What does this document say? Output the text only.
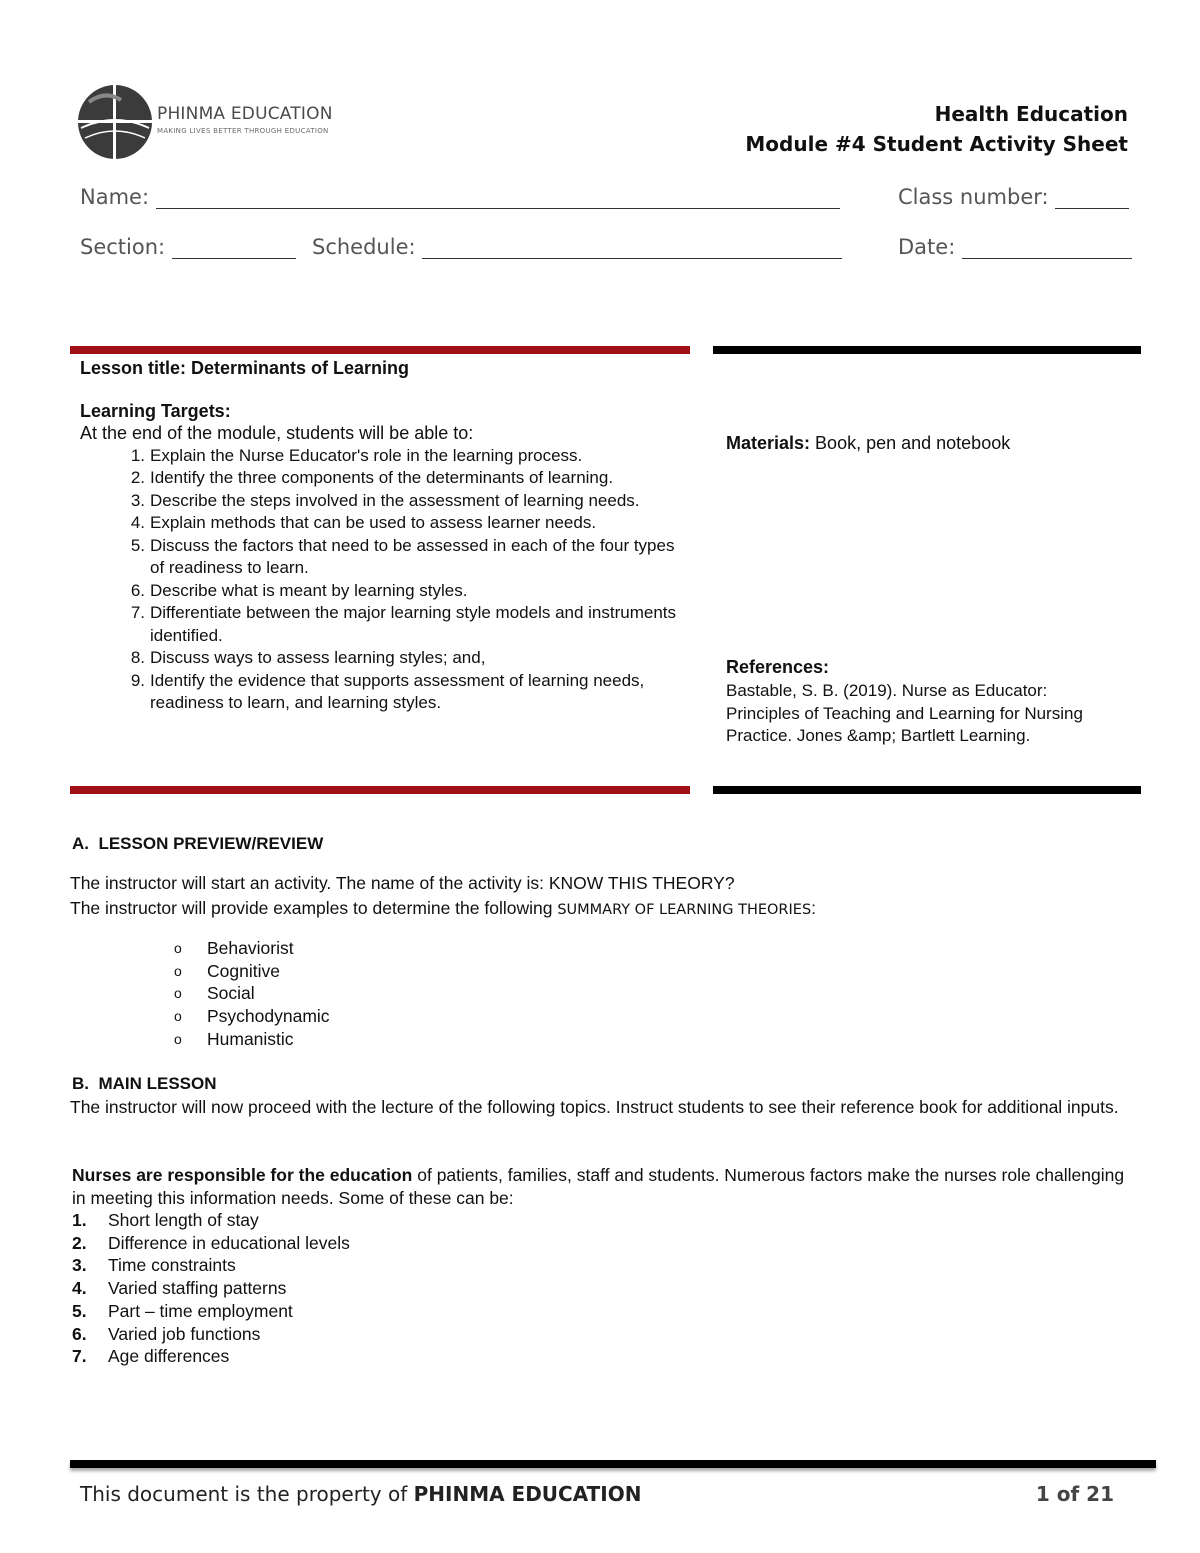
PHINMA EDUCATION
MAKING LIVES BETTER THROUGH EDUCATION
Health Education
Module #4 Student Activity Sheet
Name:	Class number:
Section:	Schedule:	Date:
Lesson title: Determinants of Learning
Learning Targets:
At the end of the module, students will be able to:
1. Explain the Nurse Educator's role in the learning process.
2. Identify the three components of the determinants of learning.
3. Describe the steps involved in the assessment of learning needs.
4. Explain methods that can be used to assess learner needs.
5. Discuss the factors that need to be assessed in each of the four types of readiness to learn.
6. Describe what is meant by learning styles.
7. Differentiate between the major learning style models and instruments identified.
8. Discuss ways to assess learning styles; and,
9. Identify the evidence that supports assessment of learning needs, readiness to learn, and learning styles.
Materials: Book, pen and notebook
References:
Bastable, S. B. (2019). Nurse as Educator: Principles of Teaching and Learning for Nursing Practice. Jones &amp; Bartlett Learning.
A.  LESSON PREVIEW/REVIEW
The instructor will start an activity. The name of the activity is: KNOW THIS THEORY?
The instructor will provide examples to determine the following SUMMARY OF LEARNING THEORIES:
o Behaviorist
o Cognitive
o Social
o Psychodynamic
o Humanistic
B.  MAIN LESSON
The instructor will now proceed with the lecture of the following topics. Instruct students to see their reference book for additional inputs.
Nurses are responsible for the education of patients, families, staff and students. Numerous factors make the nurses role challenging in meeting this information needs. Some of these can be:
1. Short length of stay
2. Difference in educational levels
3. Time constraints
4. Varied staffing patterns
5. Part – time employment
6. Varied job functions
7. Age differences
This document is the property of PHINMA EDUCATION	1 of 21
